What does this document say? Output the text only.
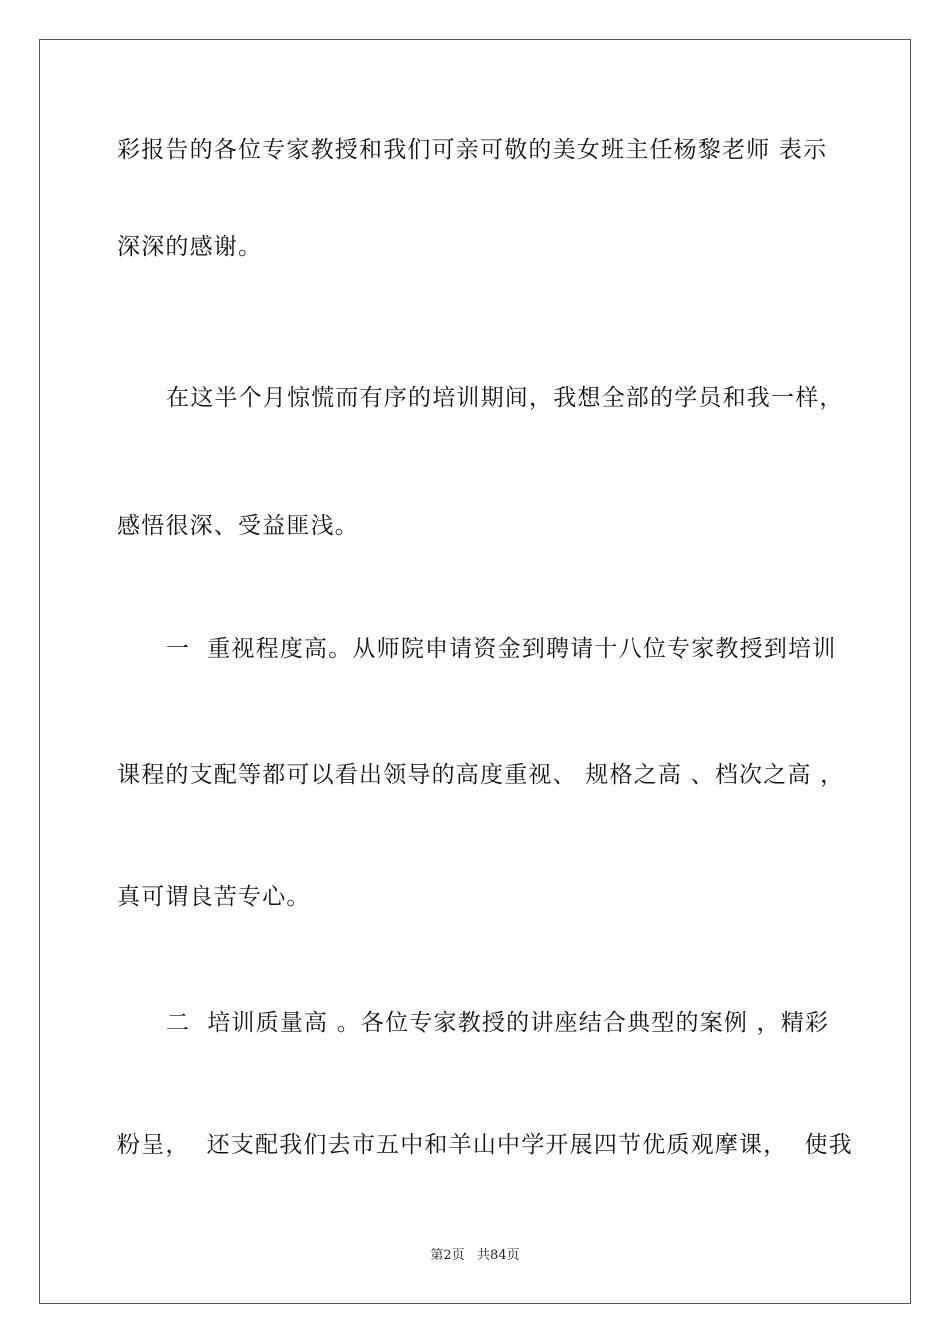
彩报告的各位专家教授和我们可亲可敬的美女班主任杨黎老师 表示
深深的感谢。
在这半个月惊慌而有序的培训期间，我想全部的学员和我一样，
感悟很深、受益匪浅。
一  重视程度高。从师院申请资金到聘请十八位专家教授到培训
课程的支配等都可以看出领导的高度重视、 规格之高 、档次之高 ，
真可谓良苦专心。
二  培训质量高 。各位专家教授的讲座结合典型的案例 ，精彩
粉呈，  还支配我们去市五中和羊山中学开展四节优质观摩课，  使我
第2页   共84页
